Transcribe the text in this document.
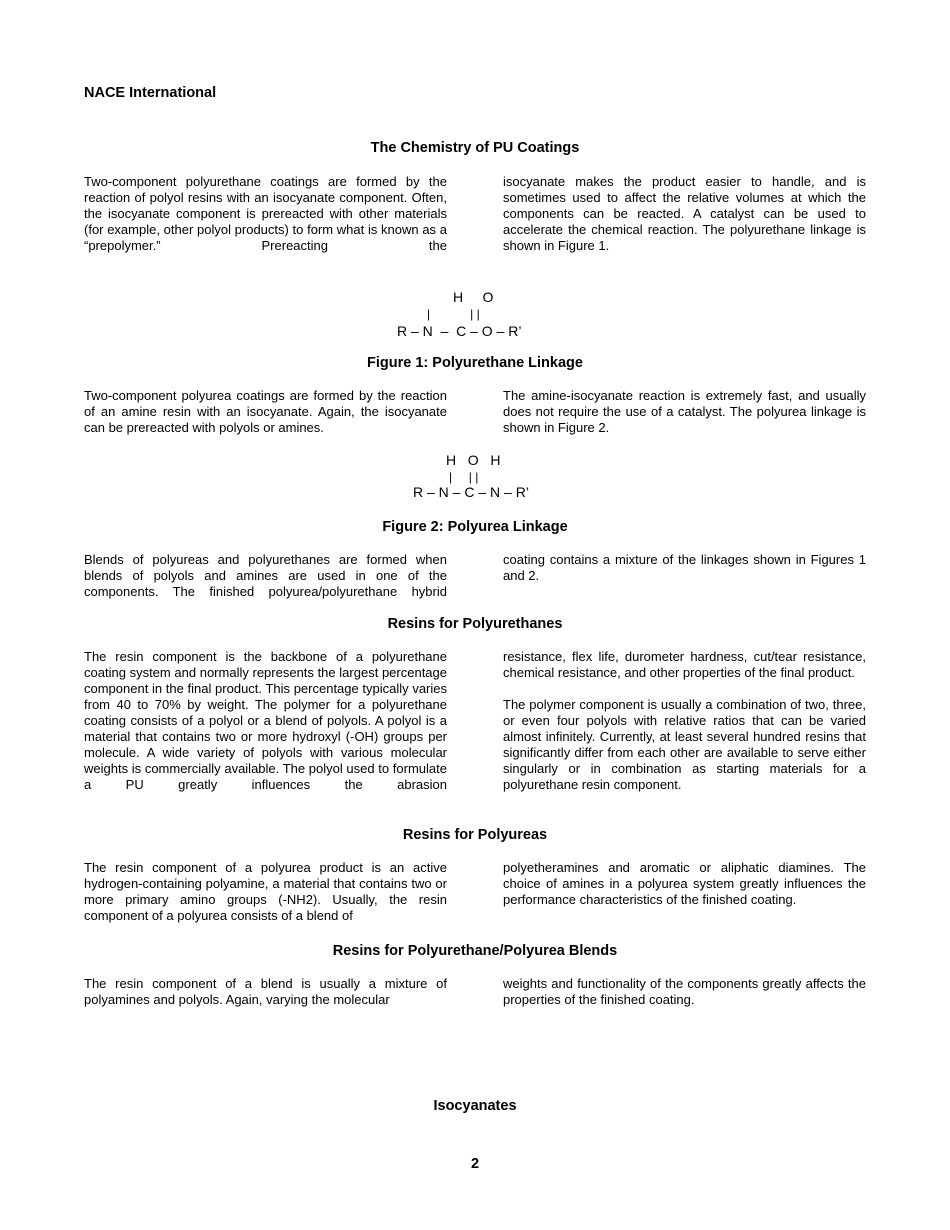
NACE International
The Chemistry of PU Coatings

Two-component polyurethane coatings are formed by the reaction of polyol resins with an isocyanate component. Often, the isocyanate component is prereacted with other materials (for example, other polyol products) to form what is known as a “prepolymer.” Prereacting the

isocyanate makes the product easier to handle, and is sometimes used to affect the relative volumes at which the components can be reacted. A catalyst can be used to accelerate the chemical reaction. The polyurethane linkage is shown in Figure 1.

H     O
|            | |
R – N  –  C – O – R’
Figure 1: Polyurethane Linkage

Two-component polyurea coatings are formed by the reaction of an amine resin with an isocyanate. Again, the isocyanate can be prereacted with polyols or amines.

The amine-isocyanate reaction is extremely fast, and usually does not require the use of a catalyst. The polyurea linkage is shown in Figure 2.

H   O   H
|     | |
R – N – C – N – R’
Figure 2: Polyurea Linkage

Blends of polyureas and polyurethanes are formed when blends of polyols and amines are used in one of the components. The finished polyurea/polyurethane hybrid

coating contains a mixture of the linkages shown in Figures 1 and 2.

Resins for Polyurethanes

The resin component is the backbone of a polyurethane coating system and normally represents the largest percentage component in the final product. This percentage typically varies from 40 to 70% by weight. The polymer for a polyurethane coating consists of a polyol or a blend of polyols. A polyol is a material that contains two or more hydroxyl (-OH) groups per molecule. A wide variety of polyols with various molecular weights is commercially available. The polyol used to formulate a PU greatly influences the abrasion

resistance, flex life, durometer hardness, cut/tear resistance, chemical resistance, and other properties of the final product.

The polymer component is usually a combination of two, three, or even four polyols with relative ratios that can be varied almost infinitely. Currently, at least several hundred resins that significantly differ from each other are available to serve either singularly or in combination as starting materials for a polyurethane resin component.

Resins for Polyureas

The resin component of a polyurea product is an active hydrogen-containing polyamine, a material that contains two or more primary amino groups (-NH2). Usually, the resin component of a polyurea consists of a blend of

polyetheramines and aromatic or aliphatic diamines. The choice of amines in a polyurea system greatly influences the performance characteristics of the finished coating.

Resins for Polyurethane/Polyurea Blends

The resin component of a blend is usually a mixture of polyamines and polyols. Again, varying the molecular

weights and functionality of the components greatly affects the properties of the finished coating.

Isocyanates
2
